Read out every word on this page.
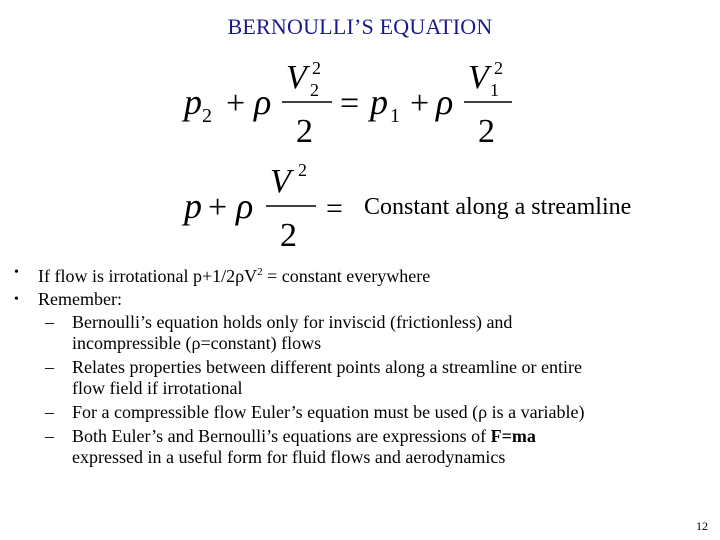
BERNOULLI’S EQUATION
p 2 + ρ
V 2
2
2
= p 1 + ρ
V 1
2
2
p + ρ
V 2
2
= Constant along a streamline
• If flow is irrotational $p+1/2\rho V^2$ = constant everywhere
• Remember:
– Bernoulli’s equation holds only for inviscid (frictionless) and
incompressible (ρ=constant) flows
– Relates properties between different points along a streamline or entire
flow field if irrotational
– For a compressible flow Euler’s equation must be used (ρ is a variable)
– Both Euler’s and Bernoulli’s equations are expressions of F=ma
expressed in a useful form for fluid flows and aerodynamics
12
